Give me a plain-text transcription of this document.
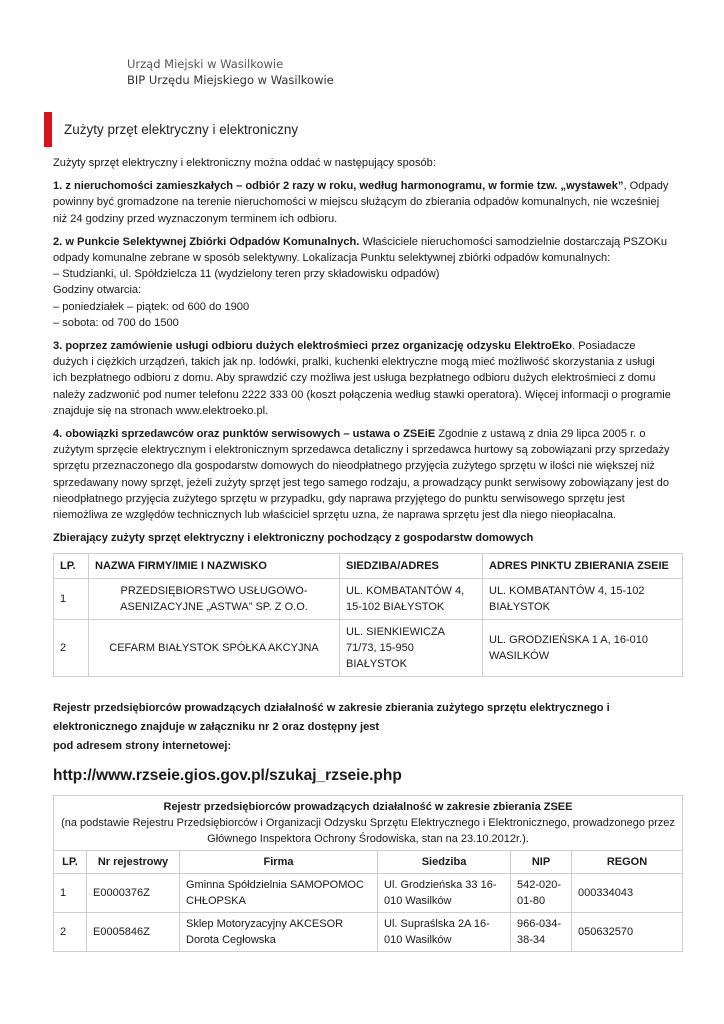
Urząd Miejski w Wasilkowie
BIP Urzędu Miejskiego w Wasilkowie
Zużyty przęt elektryczny i elektroniczny

Zużyty sprzęt elektryczny i elektroniczny można oddać w następujący sposób:

1. z nieruchomości zamieszkałych – odbiór 2 razy w roku, według harmonogramu, w formie tzw. „wystawek”, Odpady powinny być gromadzone na terenie nieruchomości w miejscu służącym do zbierania odpadów komunalnych, nie wcześniej niż 24 godziny przed wyznaczonym terminem ich odbioru.

2. w Punkcie Selektywnej Zbiórki Odpadów Komunalnych. Właściciele nieruchomości samodzielnie dostarczają PSZOKu odpady komunalne zebrane w sposób selektywny. Lokalizacja Punktu selektywnej zbiórki odpadów komunalnych:
– Studzianki, ul. Spółdzielcza 11 (wydzielony teren przy składowisku odpadów)
Godziny otwarcia:
– poniedziałek – piątek: od 600 do 1900
– sobota: od 700 do 1500

3. poprzez zamówienie usługi odbioru dużych elektrośmieci przez organizację odzysku ElektroEko. Posiadacze dużych i ciężkich urządzeń, takich jak np. lodówki, pralki, kuchenki elektryczne mogą mieć możliwość skorzystania z usługi ich bezpłatnego odbioru z domu. Aby sprawdzić czy możliwa jest usługa bezpłatnego odbioru dużych elektrośmieci z domu należy zadzwonić pod numer telefonu 2222 333 00 (koszt połączenia według stawki operatora). Więcej informacji o programie znajduje się na stronach www.elektroeko.pl.

4. obowiązki sprzedawców oraz punktów serwisowych – ustawa o ZSEiE Zgodnie z ustawą z dnia 29 lipca 2005 r. o zużytym sprzęcie elektrycznym i elektronicznym sprzedawca detaliczny i sprzedawca hurtowy są zobowiązani przy sprzedaży sprzętu przeznaczonego dla gospodarstw domowych do nieodpłatnego przyjęcia zużytego sprzętu w ilości nie większej niż sprzedawany nowy sprzęt, jeżeli zużyty sprzęt jest tego samego rodzaju, a prowadzący punkt serwisowy zobowiązany jest do nieodpłatnego przyjęcia zużytego sprzętu w przypadku, gdy naprawa przyjętego do punktu serwisowego sprzętu jest niemożliwa ze względów technicznych lub właściciel sprzętu uzna, że naprawa sprzętu jest dla niego nieopłacalna.

Zbierający zużyty sprzęt elektryczny i elektroniczny pochodzący z gospodarstw domowych

LP.	NAZWA FIRMY/IMIE I NAZWISKO	SIEDZIBA/ADRES	ADRES PINKTU ZBIERANIA ZSEIE
1	PRZEDSIĘBIORSTWO USŁUGOWO-ASENIZACYJNE „ASTWA” SP. Z O.O.	UL. KOMBATANTÓW 4, 15-102 BIAŁYSTOK	UL. KOMBATANTÓW 4, 15-102 BIAŁYSTOK
2	CEFARM BIAŁYSTOK SPÓŁKA AKCYJNA	UL. SIENKIEWICZA 71/73, 15-950 BIAŁYSTOK	UL. GRODZIEŃSKA 1 A, 16-010 WASILKÓW
Rejestr przedsiębiorców prowadzących działalność w zakresie zbierania zużytego sprzętu elektrycznego i
elektronicznego znajduje w załączniku nr 2 oraz dostępny jest
pod adresem strony internetowej:
http://www.rzseie.gios.gov.pl/szukaj_rzseie.php
Rejestr przedsiębiorców prowadzących działalność w zakresie zbierania ZSEE
(na podstawie Rejestru Przedsiębiorców i Organizacji Odzysku Sprzętu Elektrycznego i Elektronicznego, prowadzonego przez Głównego Inspektora Ochrony Środowiska, stan na 23.10.2012r.).					
LP.	Nr rejestrowy	Firma	Siedziba	NIP	REGON
1	E0000376Z	Gminna Spółdzielnia SAMOPOMOC CHŁOPSKA	Ul. Grodzieńska 33 16-010 Wasilków	542-020-01-80	000334043
2	E0005846Z	Sklep Motoryzacyjny AKCESOR Dorota Cegłowska	Ul. Supraślska 2A 16-010 Wasilków	966-034-38-34	050632570
